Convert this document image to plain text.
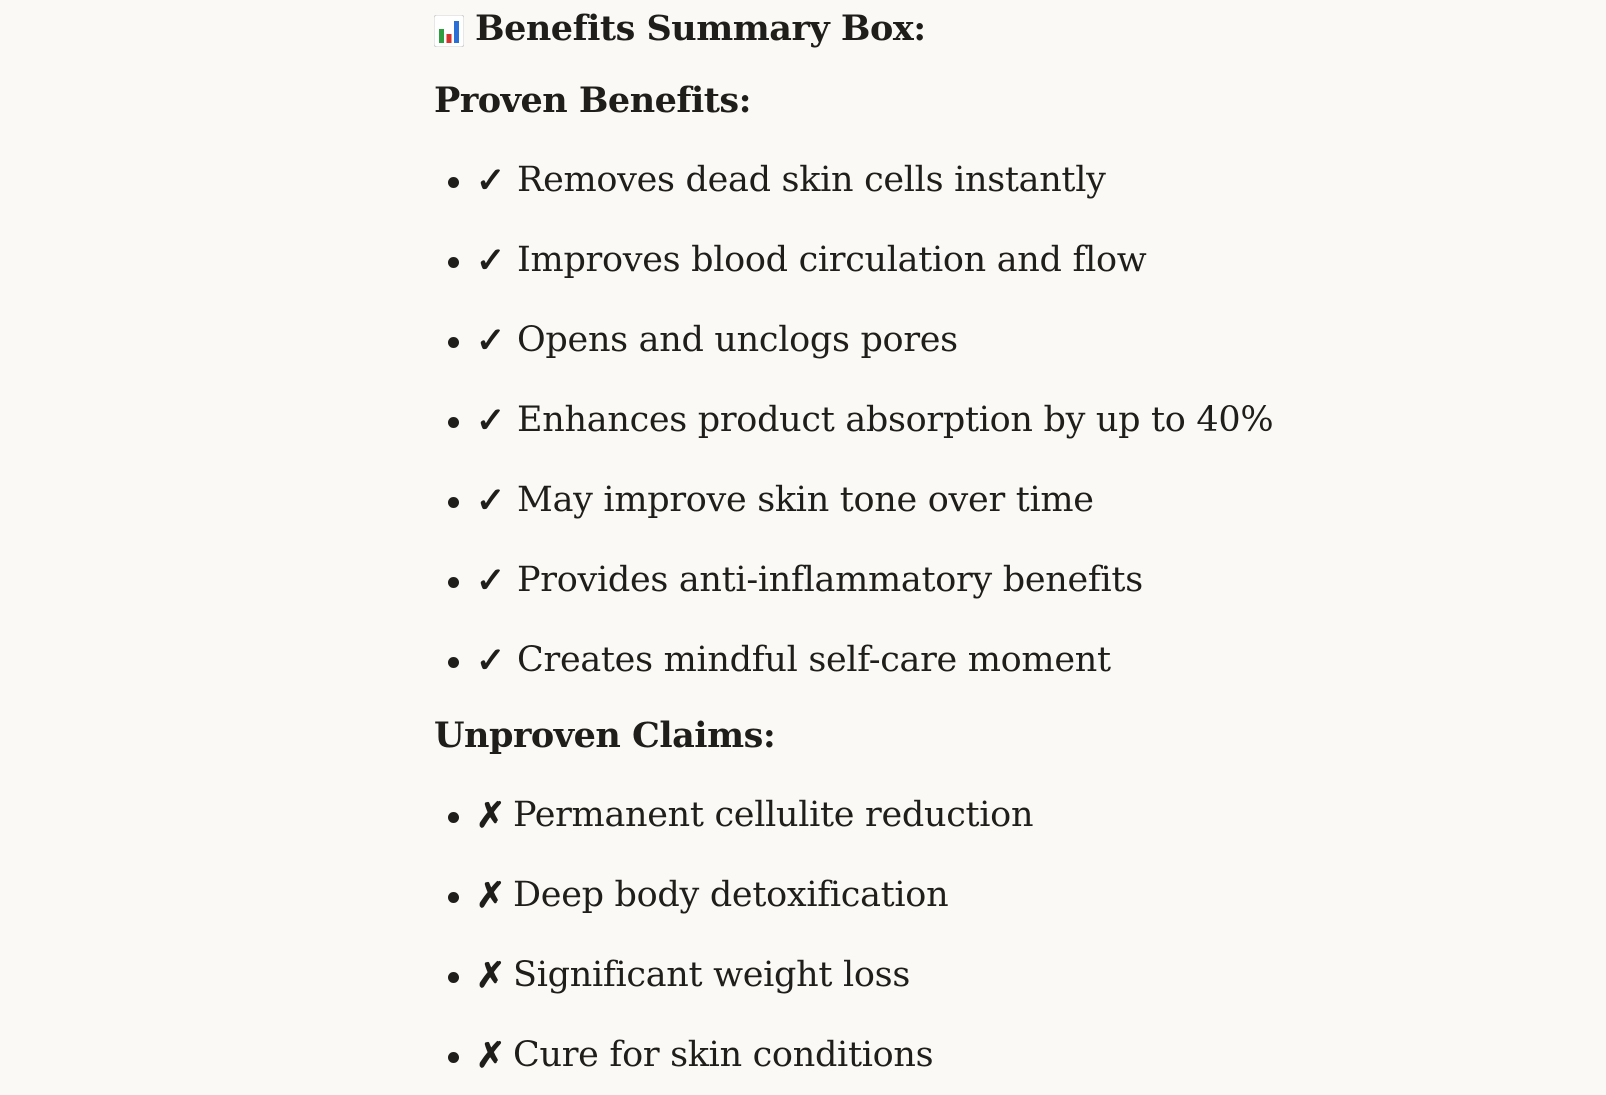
Benefits Summary Box:
Proven Benefits:
✓ Removes dead skin cells instantly
✓ Improves blood circulation and flow
✓ Opens and unclogs pores
✓ Enhances product absorption by up to 40%
✓ May improve skin tone over time
✓ Provides anti-inflammatory benefits
✓ Creates mindful self-care moment
Unproven Claims:
✗ Permanent cellulite reduction
✗ Deep body detoxification
✗ Significant weight loss
✗ Cure for skin conditions
